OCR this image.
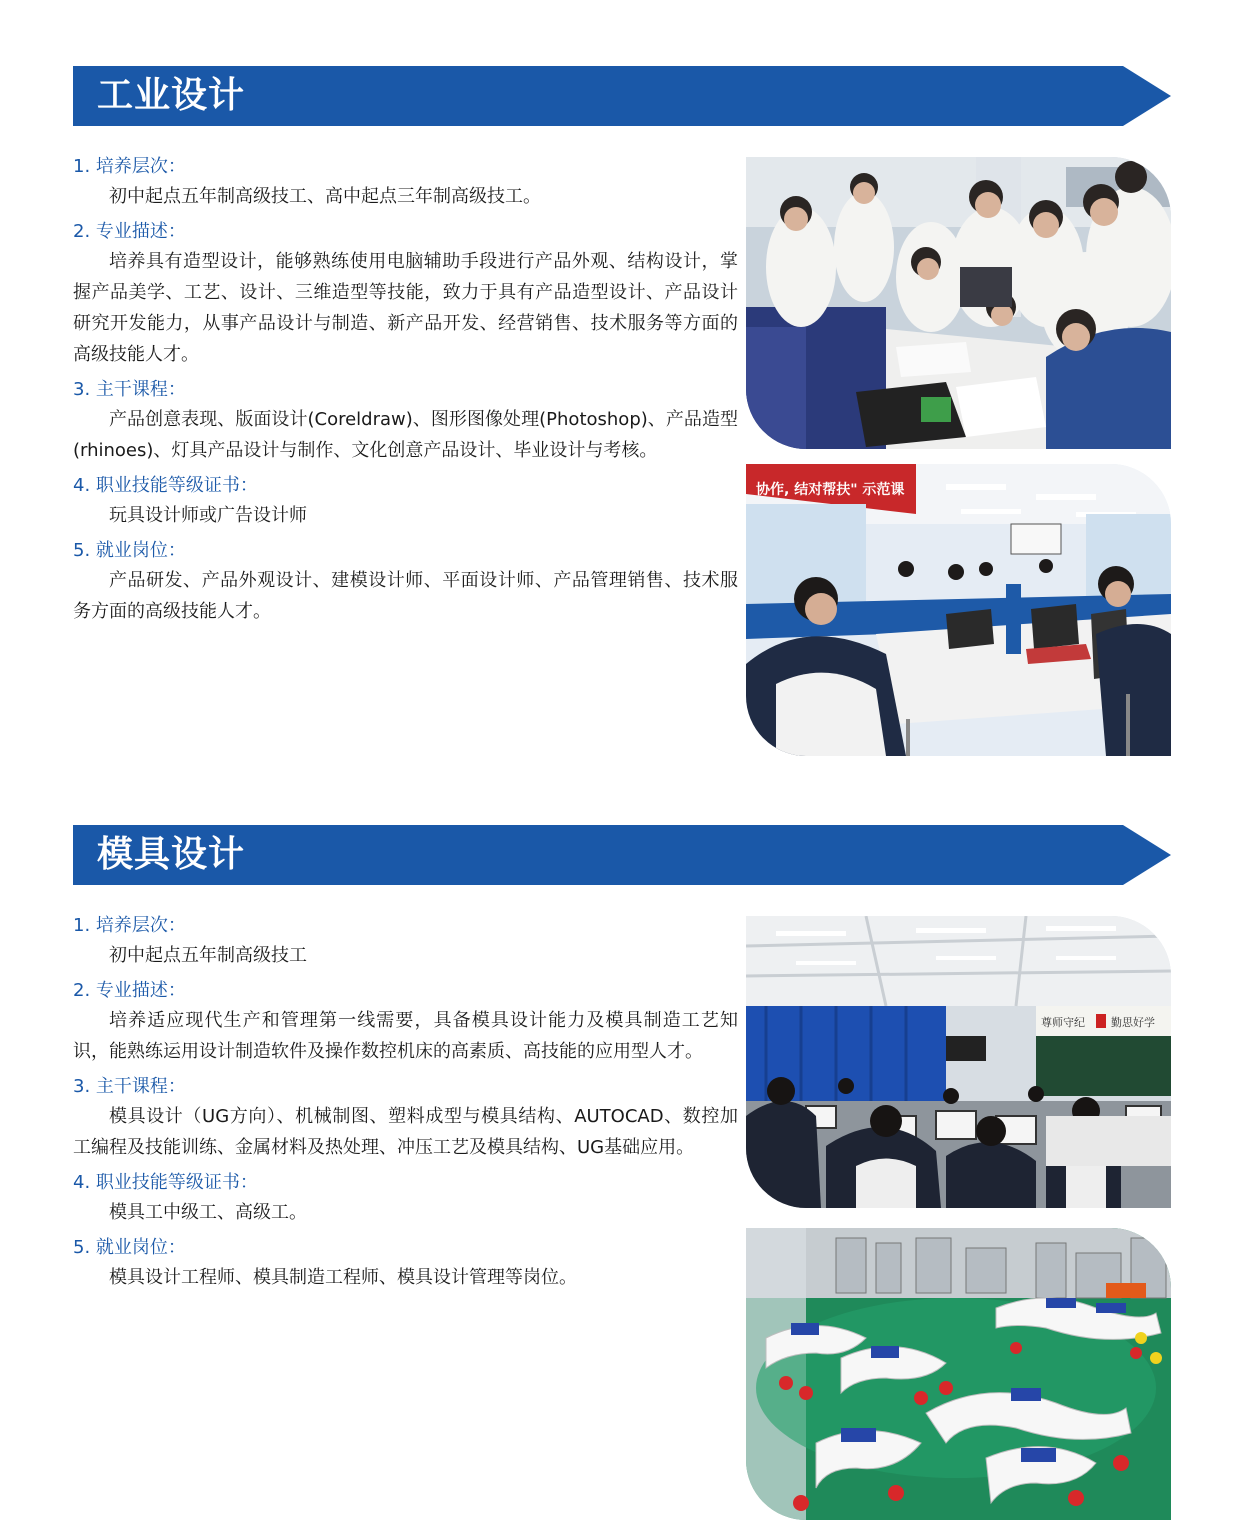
工业设计
1. 培养层次：
初中起点五年制高级技工、高中起点三年制高级技工。
2. 专业描述：
培养具有造型设计，能够熟练使用电脑辅助手段进行产品外观、结构设计，掌握产品美学、工艺、设计、三维造型等技能，致力于具有产品造型设计、产品设计研究开发能力，从事产品设计与制造、新产品开发、经营销售、技术服务等方面的高级技能人才。
3. 主干课程：
产品创意表现、版面设计(Coreldraw)、图形图像处理(Photoshop)、产品造型(rhinoes)、灯具产品设计与制作、文化创意产品设计、毕业设计与考核。
4. 职业技能等级证书：
玩具设计师或广告设计师
5. 就业岗位：
产品研发、产品外观设计、建模设计师、平面设计师、产品管理销售、技术服务方面的高级技能人才。
协作, 结对帮扶" 示范课
模具设计
1. 培养层次：
初中起点五年制高级技工
2. 专业描述：
培养适应现代生产和管理第一线需要，具备模具设计能力及模具制造工艺知识，能熟练运用设计制造软件及操作数控机床的高素质、高技能的应用型人才。
3. 主干课程：
模具设计（UG方向）、机械制图、塑料成型与模具结构、AUTOCAD、数控加工编程及技能训练、金属材料及热处理、冲压工艺及模具结构、UG基础应用。
4. 职业技能等级证书：
模具工中级工、高级工。
5. 就业岗位：
模具设计工程师、模具制造工程师、模具设计管理等岗位。
尊师守纪 勤思好学
